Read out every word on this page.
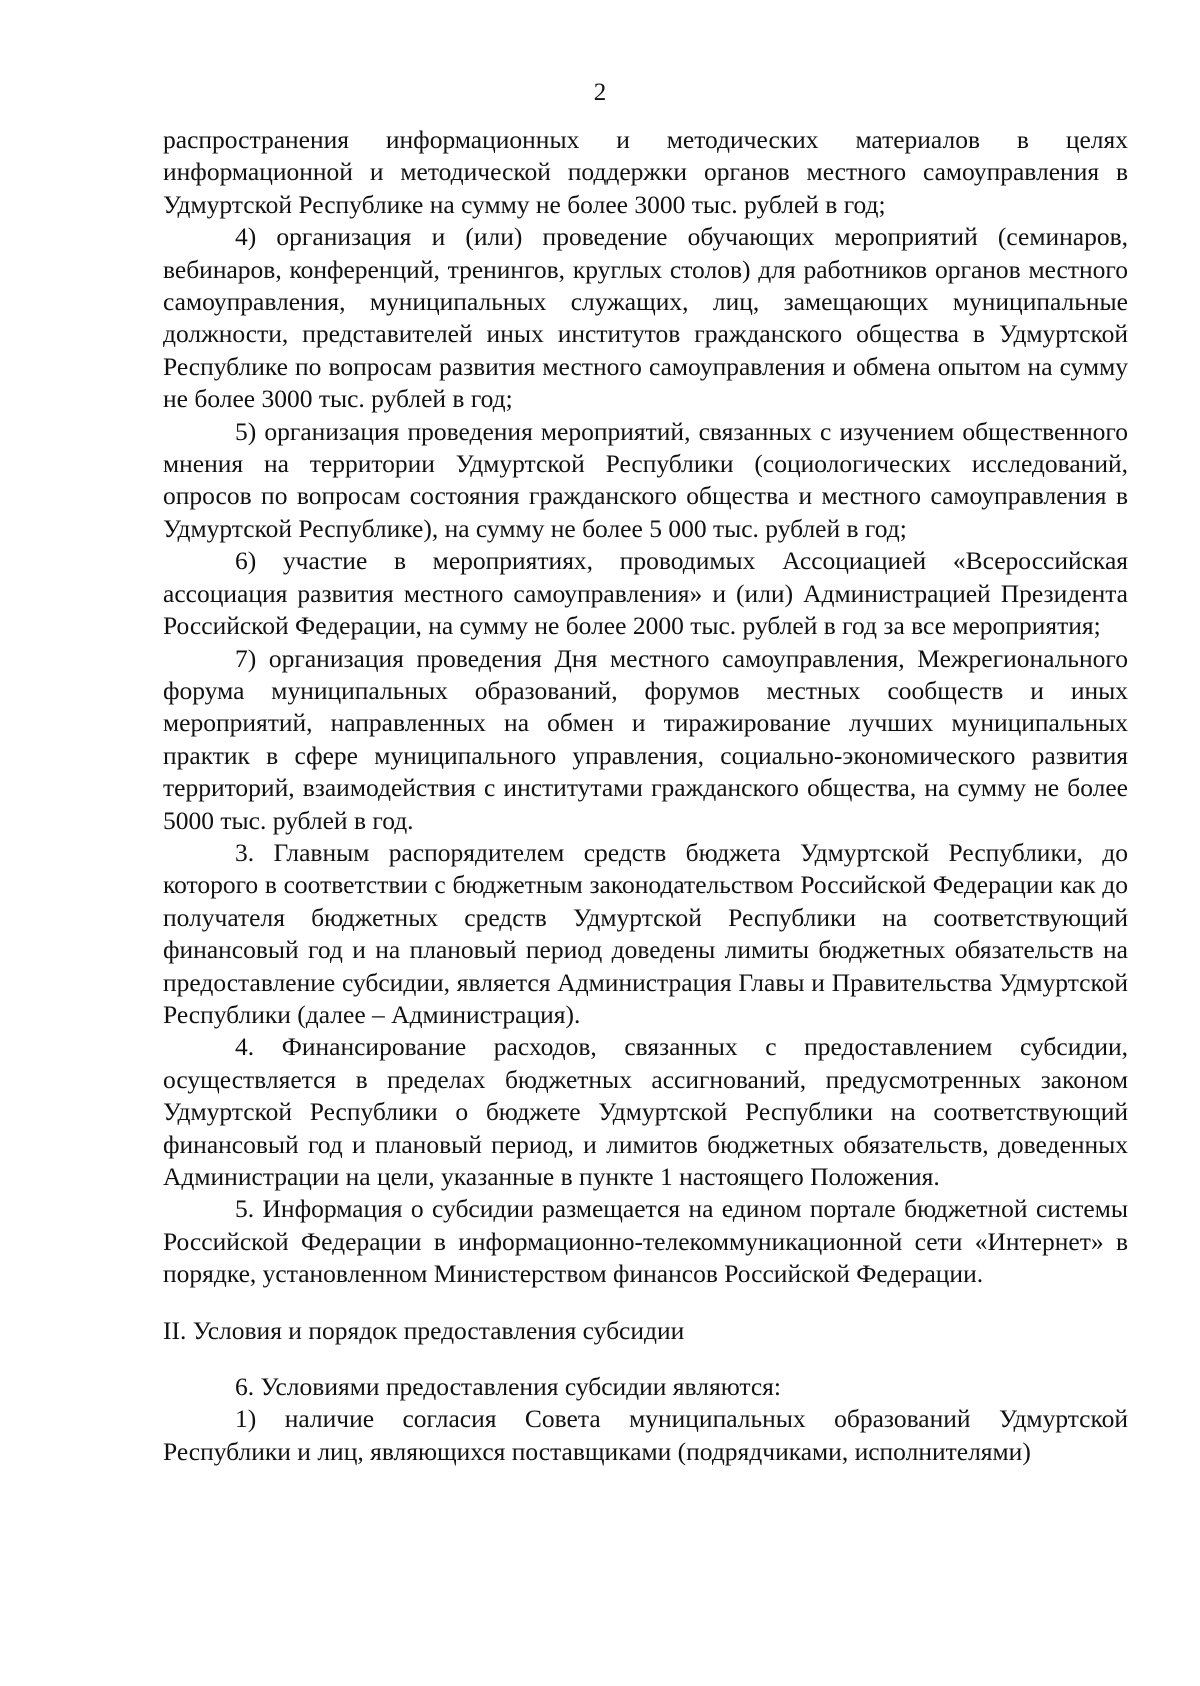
2

распространения информационных и методических материалов в целях информационной и методической поддержки органов местного самоуправления в Удмуртской Республике на сумму не более 3000 тыс. рублей в год;

4) организация и (или) проведение обучающих мероприятий (семинаров, вебинаров, конференций, тренингов, круглых столов) для работников органов местного самоуправления, муниципальных служащих, лиц, замещающих муниципальные должности, представителей иных институтов гражданского общества в Удмуртской Республике по вопросам развития местного самоуправления и обмена опытом на сумму не более 3000 тыс. рублей в год;

5) организация проведения мероприятий, связанных с изучением общественного мнения на территории Удмуртской Республики (социологических исследований, опросов по вопросам состояния гражданского общества и местного самоуправления в Удмуртской Республике), на сумму не более 5 000 тыс. рублей в год;

6) участие в мероприятиях, проводимых Ассоциацией «Всероссийская ассоциация развития местного самоуправления» и (или) Администрацией Президента Российской Федерации, на сумму не более 2000 тыс. рублей в год за все мероприятия;

7) организация проведения Дня местного самоуправления, Межрегионального форума муниципальных образований, форумов местных сообществ и иных мероприятий, направленных на обмен и тиражирование лучших муниципальных практик в сфере муниципального управления, социально-экономического развития территорий, взаимодействия с институтами гражданского общества, на сумму не более 5000 тыс. рублей в год.

3. Главным распорядителем средств бюджета Удмуртской Республики, до которого в соответствии с бюджетным законодательством Российской Федерации как до получателя бюджетных средств Удмуртской Республики на соответствующий финансовый год и на плановый период доведены лимиты бюджетных обязательств на предоставление субсидии, является Администрация Главы и Правительства Удмуртской Республики (далее – Администрация).

4. Финансирование расходов, связанных с предоставлением субсидии, осуществляется в пределах бюджетных ассигнований, предусмотренных законом Удмуртской Республики о бюджете Удмуртской Республики на соответствующий финансовый год и плановый период, и лимитов бюджетных обязательств, доведенных Администрации на цели, указанные в пункте 1 настоящего Положения.

5. Информация о субсидии размещается на едином портале бюджетной системы Российской Федерации в информационно-телекоммуникационной сети «Интернет» в порядке, установленном Министерством финансов Российской Федерации.

II. Условия и порядок предоставления субсидии

6. Условиями предоставления субсидии являются:

1) наличие согласия Совета муниципальных образований Удмуртской Республики и лиц, являющихся поставщиками (подрядчиками, исполнителями)
